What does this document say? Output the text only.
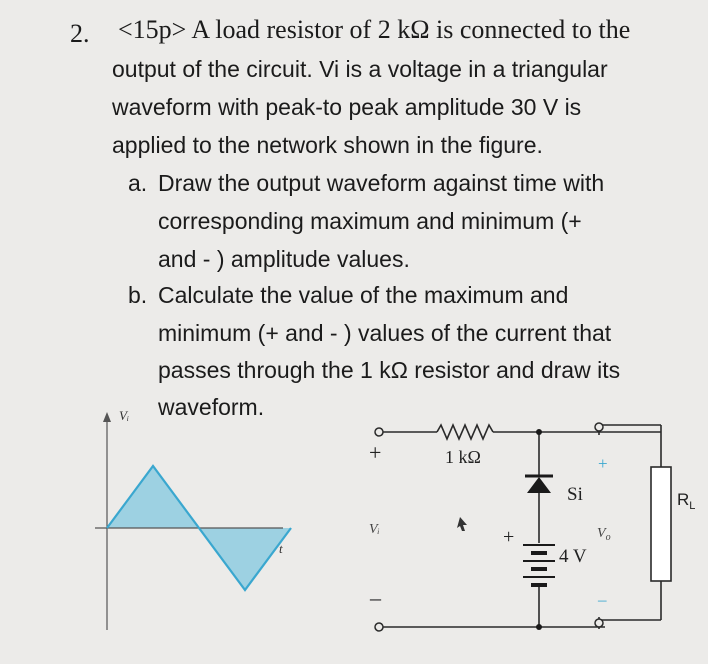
2. <15p> A load resistor of 2 kΩ is connected to the
output of the circuit. Vi is a voltage in a triangular
waveform with peak-to peak amplitude 30 V is
applied to the network shown in the figure.
a. Draw the output waveform against time with
corresponding maximum and minimum (+
and - ) amplitude values.
b. Calculate the value of the maximum and
minimum (+ and - ) values of the current that
passes through the 1 kΩ resistor and draw its
waveform.
Vᵢ
t
+
–
Vᵢ
1 kΩ
Si
+
4 V
+
–
$V_o$
$R_L$
